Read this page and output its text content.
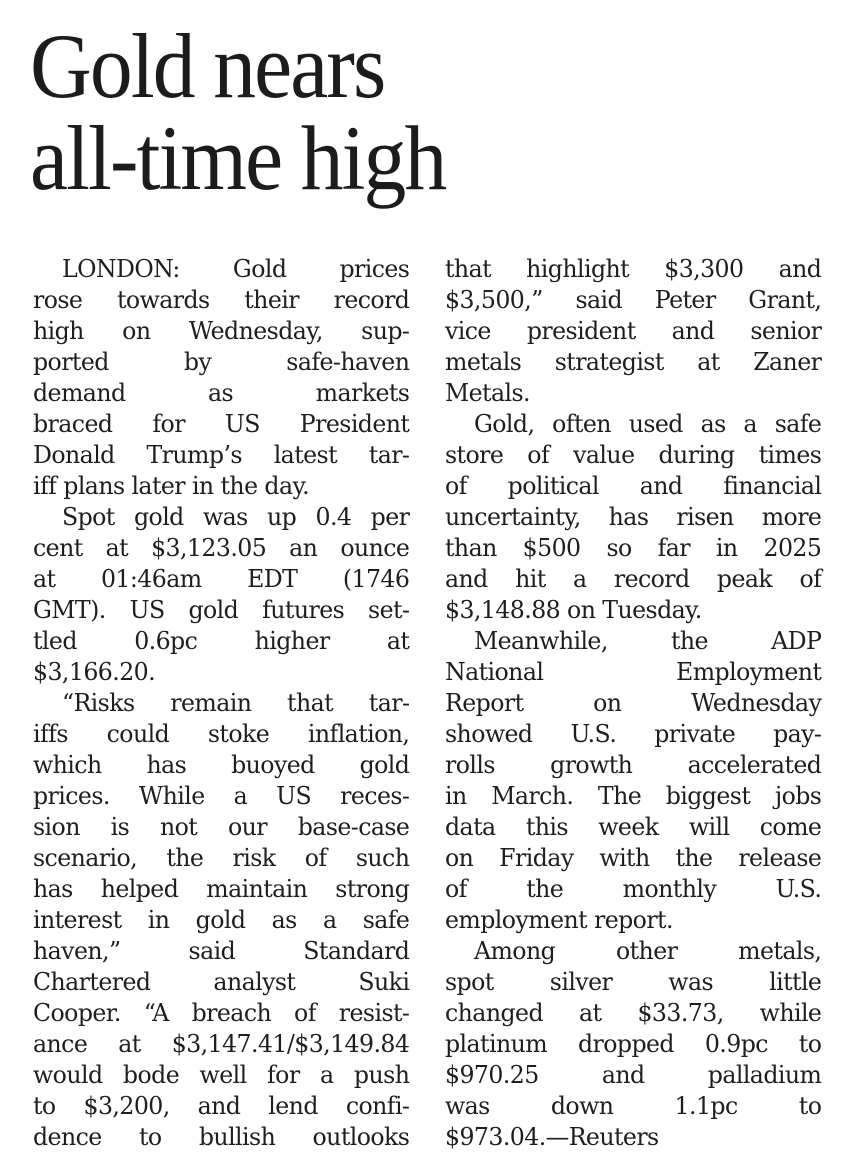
Gold nears
all-time high
LONDON: Gold prices
rose towards their record
high on Wednesday, sup-
ported by safe-haven
demand as markets
braced for US President
Donald Trump’s latest tar-
iff plans later in the day.
Spot gold was up 0.4 per
cent at $3,123.05 an ounce
at 01:46am EDT (1746
GMT). US gold futures set-
tled 0.6pc higher at
$3,166.20.
“Risks remain that tar-
iffs could stoke inflation,
which has buoyed gold
prices. While a US reces-
sion is not our base-case
scenario, the risk of such
has helped maintain strong
interest in gold as a safe
haven,” said Standard
Chartered analyst Suki
Cooper. “A breach of resist-
ance at $3,147.41/$3,149.84
would bode well for a push
to $3,200, and lend confi-
dence to bullish outlooks
that highlight $3,300 and
$3,500,” said Peter Grant,
vice president and senior
metals strategist at Zaner
Metals.
Gold, often used as a safe
store of value during times
of political and financial
uncertainty, has risen more
than $500 so far in 2025
and hit a record peak of
$3,148.88 on Tuesday.
Meanwhile, the ADP
National Employment
Report on Wednesday
showed U.S. private pay-
rolls growth accelerated
in March. The biggest jobs
data this week will come
on Friday with the release
of the monthly U.S.
employment report.
Among other metals,
spot silver was little
changed at $33.73, while
platinum dropped 0.9pc to
$970.25 and palladium
was down 1.1pc to
$973.04.—Reuters
